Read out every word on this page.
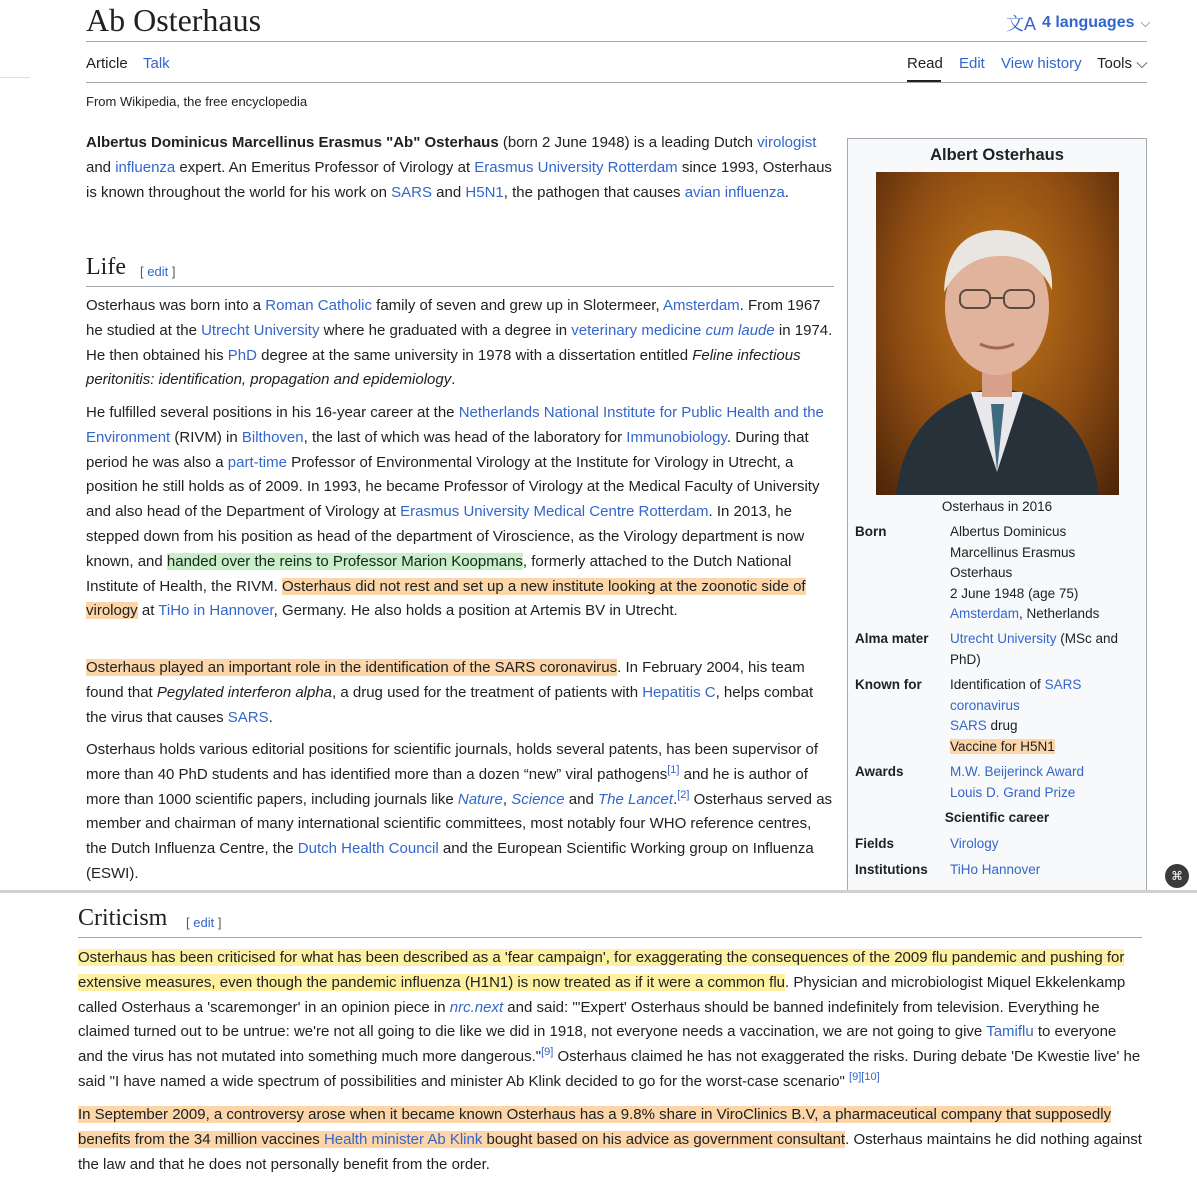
Ab Osterhaus	文A 4 languages ⌵
Article Talk	Read Edit View history Tools ⌵
From Wikipedia, the free encyclopedia

Albertus Dominicus Marcellinus Erasmus "Ab" Osterhaus (born 2 June 1948) is a leading Dutch virologist and influenza expert. An Emeritus Professor of Virology at Erasmus University Rotterdam since 1993, Osterhaus is known throughout the world for his work on SARS and H5N1, the pathogen that causes avian influenza.

Life [ edit ]

Osterhaus was born into a Roman Catholic family of seven and grew up in Slotermeer, Amsterdam. From 1967 he studied at the Utrecht University where he graduated with a degree in veterinary medicine cum laude in 1974. He then obtained his PhD degree at the same university in 1978 with a dissertation entitled Feline infectious peritonitis: identification, propagation and epidemiology.

He fulfilled several positions in his 16-year career at the Netherlands National Institute for Public Health and the Environment (RIVM) in Bilthoven, the last of which was head of the laboratory for Immunobiology. During that period he was also a part-time Professor of Environmental Virology at the Institute for Virology in Utrecht, a position he still holds as of 2009. In 1993, he became Professor of Virology at the Medical Faculty of University and also head of the Department of Virology at Erasmus University Medical Centre Rotterdam. In 2013, he stepped down from his position as head of the department of Viroscience, as the Virology department is now known, and handed over the reins to Professor Marion Koopmans, formerly attached to the Dutch National Institute of Health, the RIVM. Osterhaus did not rest and set up a new institute looking at the zoonotic side of virology at TiHo in Hannover, Germany. He also holds a position at Artemis BV in Utrecht.

Osterhaus played an important role in the identification of the SARS coronavirus. In February 2004, his team found that Pegylated interferon alpha, a drug used for the treatment of patients with Hepatitis C, helps combat the virus that causes SARS.

Osterhaus holds various editorial positions for scientific journals, holds several patents, has been supervisor of more than 40 PhD students and has identified more than a dozen “new” viral pathogens[1] and he is author of more than 1000 scientific papers, including journals like Nature, Science and The Lancet.[2] Osterhaus served as member and chairman of many international scientific committees, most notably four WHO reference centres, the Dutch Influenza Centre, the Dutch Health Council and the European Scientific Working group on Influenza (ESWI).

Albert Osterhaus
Osterhaus in 2016
Born	Albertus Dominicus Marcellinus Erasmus Osterhaus
2 June 1948 (age 75)
Amsterdam, Netherlands
Alma mater	Utrecht University (MSc and PhD)
Known for	Identification of SARS coronavirus
SARS drug
Vaccine for H5N1
Awards	M.W. Beijerinck Award
Louis D. Grand Prize
Scientific career
Fields	Virology
Institutions	TiHo Hannover	⌘
Criticism [ edit ]

Osterhaus has been criticised for what has been described as a 'fear campaign', for exaggerating the consequences of the 2009 flu pandemic and pushing for extensive measures, even though the pandemic influenza (H1N1) is now treated as if it were a common flu. Physician and microbiologist Miquel Ekkelenkamp called Osterhaus a 'scaremonger' in an opinion piece in nrc.next and said: "'Expert' Osterhaus should be banned indefinitely from television. Everything he claimed turned out to be untrue: we're not all going to die like we did in 1918, not everyone needs a vaccination, we are not going to give Tamiflu to everyone and the virus has not mutated into something much more dangerous."[9] Osterhaus claimed he has not exaggerated the risks. During debate 'De Kwestie live' he said "I have named a wide spectrum of possibilities and minister Ab Klink decided to go for the worst-case scenario" [9][10]

In September 2009, a controversy arose when it became known Osterhaus has a 9.8% share in ViroClinics B.V, a pharmaceutical company that supposedly benefits from the 34 million vaccines Health minister Ab Klink bought based on his advice as government consultant. Osterhaus maintains he did nothing against the law and that he does not personally benefit from the order.
